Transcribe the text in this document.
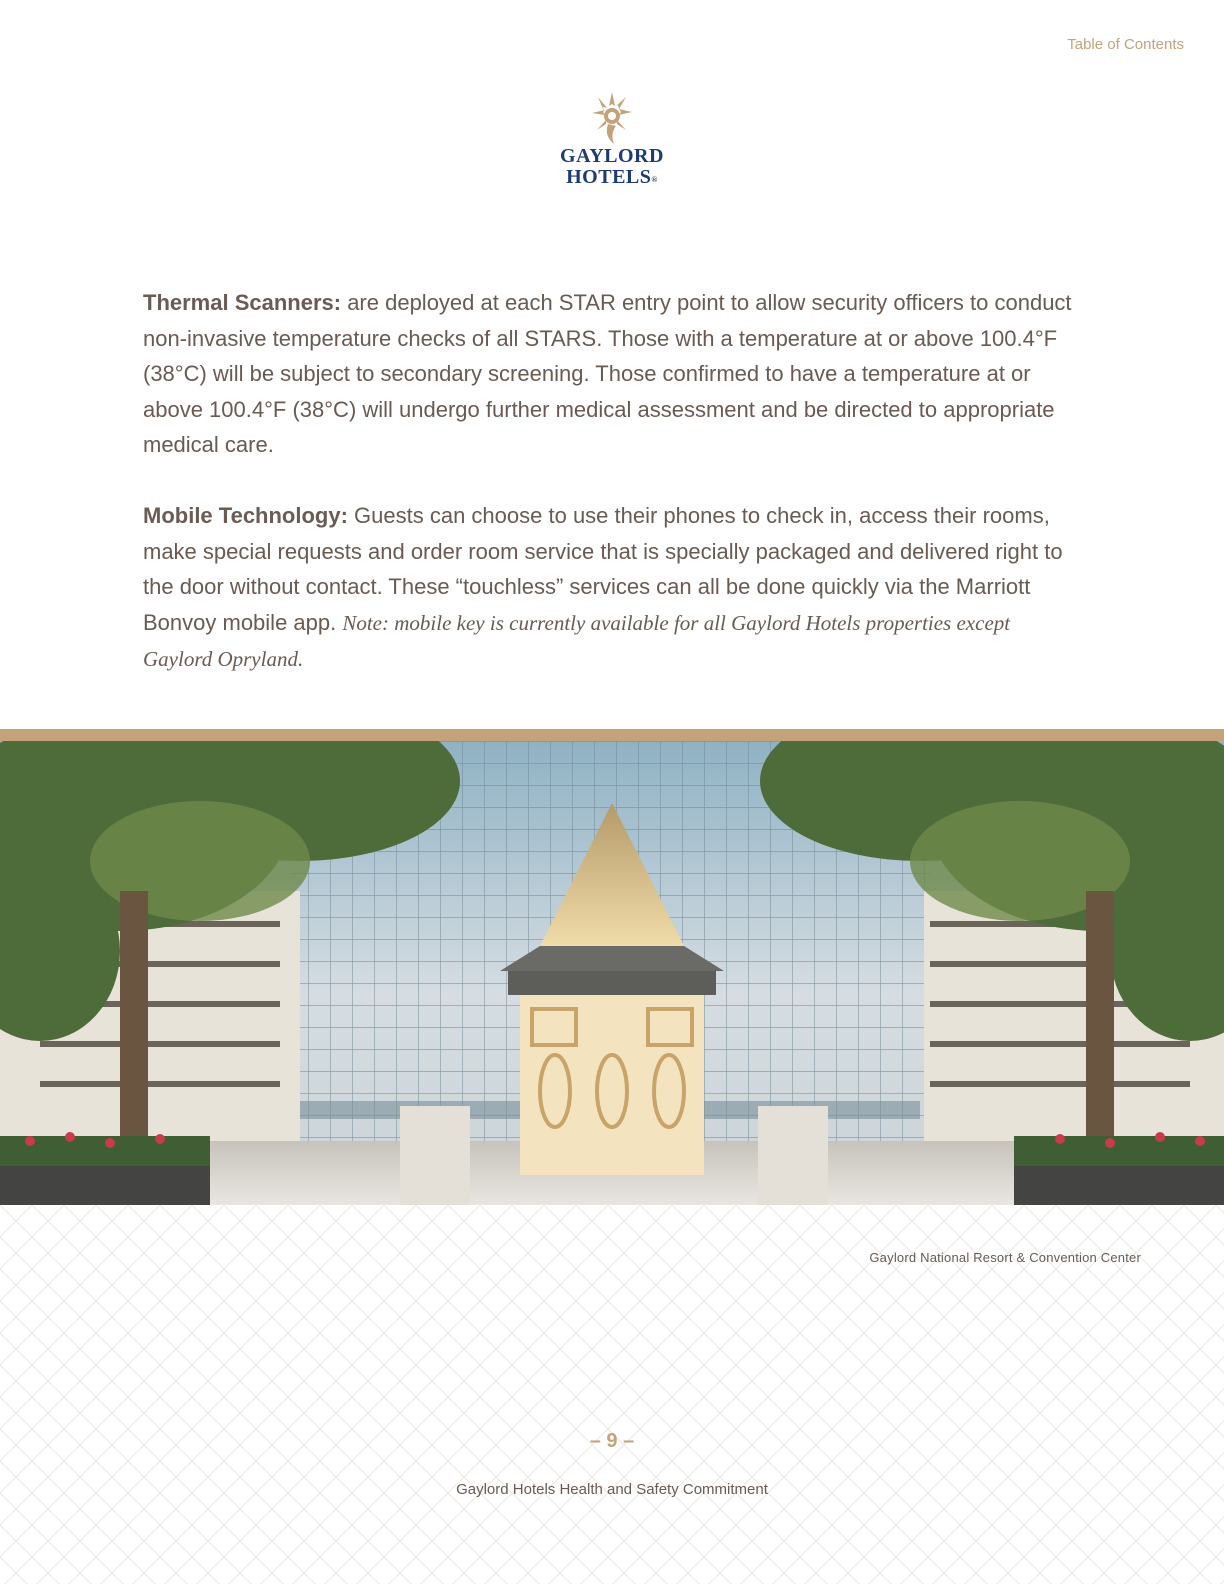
Table of Contents
GAYLORD
HOTELS®

Thermal Scanners: are deployed at each STAR entry point to allow security officers to conduct non-invasive temperature checks of all STARS. Those with a temperature at or above 100.4°F (38°C) will be subject to secondary screening. Those confirmed to have a temperature at or above 100.4°F (38°C) will undergo further medical assessment and be directed to appropriate medical care.

Mobile Technology: Guests can choose to use their phones to check in, access their rooms, make special requests and order room service that is specially packaged and delivered right to the door without contact. These “touchless” services can all be done quickly via the Marriott Bonvoy mobile app. Note: mobile key is currently available for all Gaylord Hotels properties except Gaylord Opryland.

Gaylord National Resort & Convention Center
– 9 –
Gaylord Hotels Health and Safety Commitment
